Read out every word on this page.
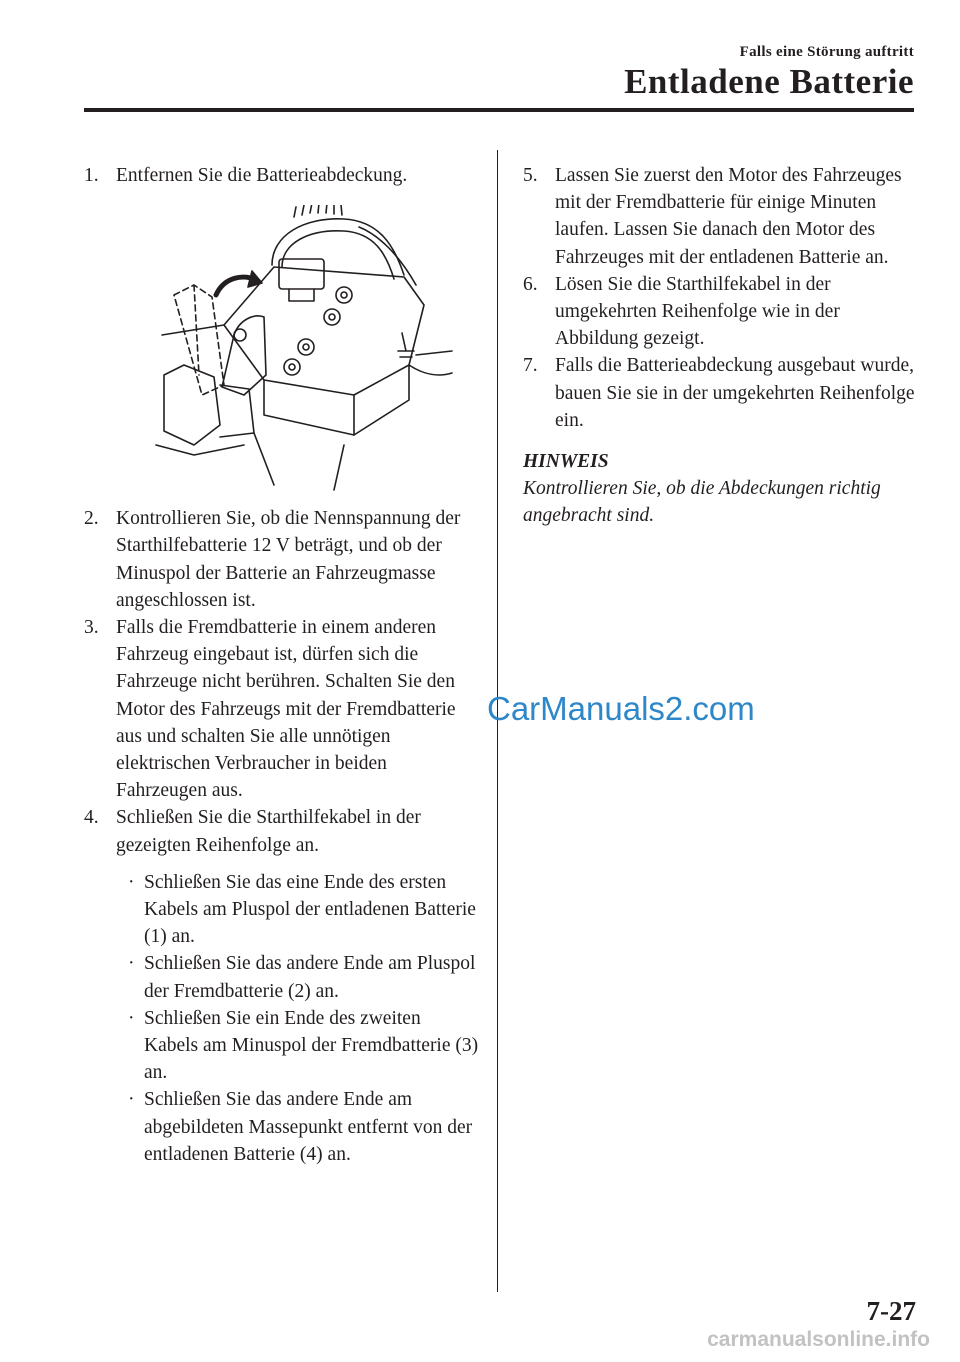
Falls eine Störung auftritt
Entladene Batterie
1. Entfernen Sie die Batterieabdeckung.
2. Kontrollieren Sie, ob die Nennspannung der Starthilfebatterie 12 V beträgt, und ob der Minuspol der Batterie an Fahrzeugmasse angeschlossen ist.
3. Falls die Fremdbatterie in einem anderen Fahrzeug eingebaut ist, dürfen sich die Fahrzeuge nicht berühren. Schalten Sie den Motor des Fahrzeugs mit der Fremdbatterie aus und schalten Sie alle unnötigen elektrischen Verbraucher in beiden Fahrzeugen aus.
4. Schließen Sie die Starthilfekabel in der gezeigten Reihenfolge an.
· Schließen Sie das eine Ende des ersten Kabels am Pluspol der entladenen Batterie (1) an.
· Schließen Sie das andere Ende am Pluspol der Fremdbatterie (2) an.
· Schließen Sie ein Ende des zweiten Kabels am Minuspol der Fremdbatterie (3) an.
· Schließen Sie das andere Ende am abgebildeten Massepunkt entfernt von der entladenen Batterie (4) an.
5. Lassen Sie zuerst den Motor des Fahrzeuges mit der Fremdbatterie für einige Minuten laufen. Lassen Sie danach den Motor des Fahrzeuges mit der entladenen Batterie an.
6. Lösen Sie die Starthilfekabel in der umgekehrten Reihenfolge wie in der Abbildung gezeigt.
7. Falls die Batterieabdeckung ausgebaut wurde, bauen Sie sie in der umgekehrten Reihenfolge ein.
HINWEIS
Kontrollieren Sie, ob die Abdeckungen richtig angebracht sind.
CarManuals2.com
7-27
carmanualsonline.info
